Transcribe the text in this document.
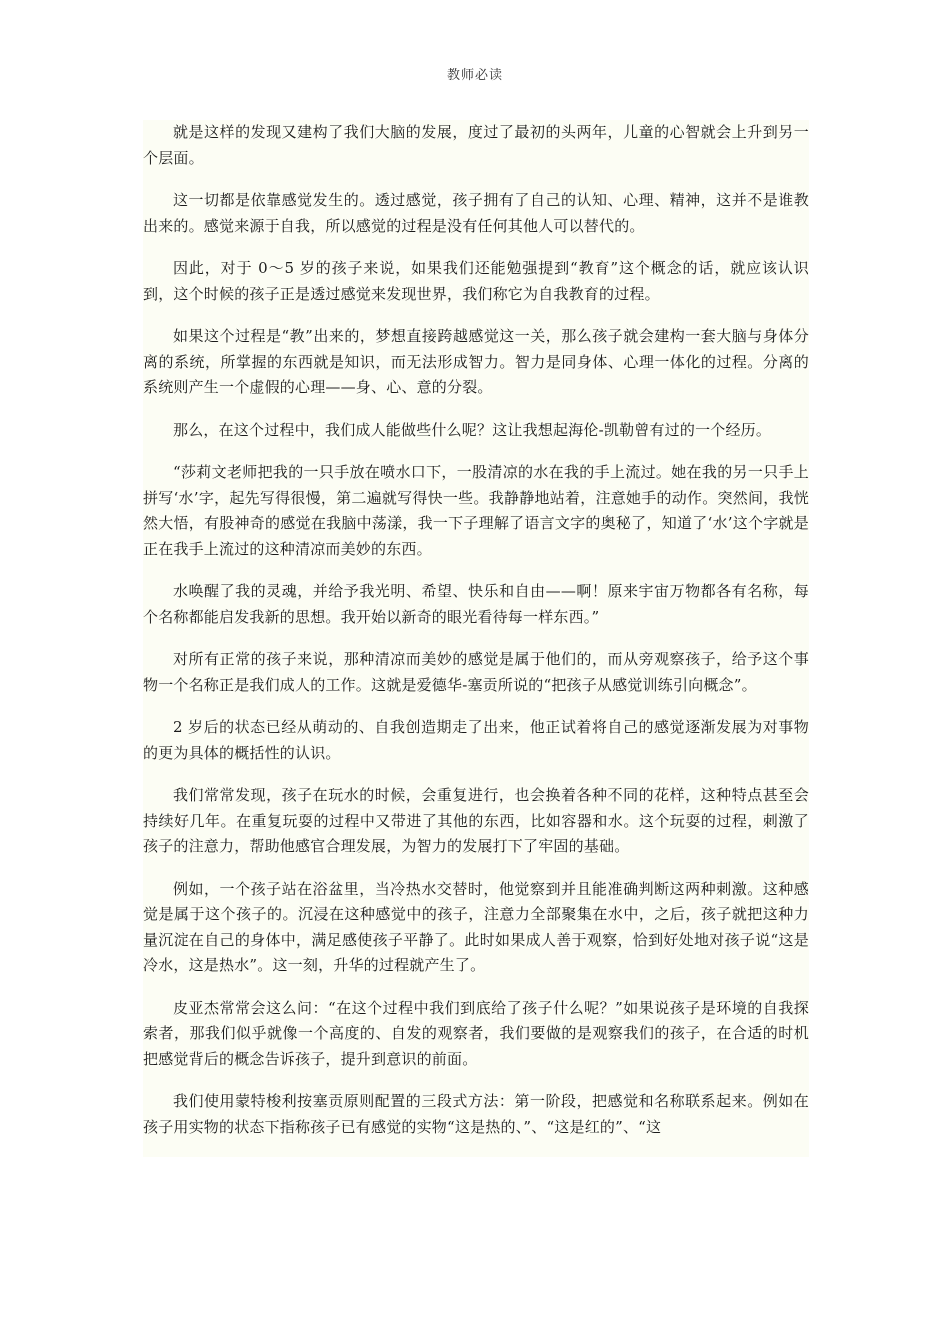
教师必读

就是这样的发现又建构了我们大脑的发展，度过了最初的头两年，儿童的心智就会上升到另一个层面。

这一切都是依靠感觉发生的。透过感觉，孩子拥有了自己的认知、心理、精神，这并不是谁教出来的。感觉来源于自我，所以感觉的过程是没有任何其他人可以替代的。

因此，对于 0～5 岁的孩子来说，如果我们还能勉强提到“教育”这个概念的话，就应该认识到，这个时候的孩子正是透过感觉来发现世界，我们称它为自我教育的过程。

如果这个过程是“教”出来的，梦想直接跨越感觉这一关，那么孩子就会建构一套大脑与身体分离的系统，所掌握的东西就是知识，而无法形成智力。智力是同身体、心理一体化的过程。分离的系统则产生一个虚假的心理——身、心、意的分裂。

那么，在这个过程中，我们成人能做些什么呢？这让我想起海伦-凯勒曾有过的一个经历。

“莎莉文老师把我的一只手放在喷水口下，一股清凉的水在我的手上流过。她在我的另一只手上拼写‘水’字，起先写得很慢，第二遍就写得快一些。我静静地站着，注意她手的动作。突然间，我恍然大悟，有股神奇的感觉在我脑中荡漾，我一下子理解了语言文字的奥秘了，知道了‘水’这个字就是正在我手上流过的这种清凉而美妙的东西。

水唤醒了我的灵魂，并给予我光明、希望、快乐和自由——啊！原来宇宙万物都各有名称，每个名称都能启发我新的思想。我开始以新奇的眼光看待每一样东西。”

对所有正常的孩子来说，那种清凉而美妙的感觉是属于他们的，而从旁观察孩子，给予这个事物一个名称正是我们成人的工作。这就是爱德华-塞贡所说的“把孩子从感觉训练引向概念”。

2 岁后的状态已经从萌动的、自我创造期走了出来，他正试着将自己的感觉逐渐发展为对事物的更为具体的概括性的认识。

我们常常发现，孩子在玩水的时候，会重复进行，也会换着各种不同的花样，这种特点甚至会持续好几年。在重复玩耍的过程中又带进了其他的东西，比如容器和水。这个玩耍的过程，刺激了孩子的注意力，帮助他感官合理发展，为智力的发展打下了牢固的基础。

例如，一个孩子站在浴盆里，当冷热水交替时，他觉察到并且能准确判断这两种刺激。这种感觉是属于这个孩子的。沉浸在这种感觉中的孩子，注意力全部聚集在水中，之后，孩子就把这种力量沉淀在自己的身体中，满足感使孩子平静了。此时如果成人善于观察，恰到好处地对孩子说“这是冷水，这是热水”。这一刻，升华的过程就产生了。

皮亚杰常常会这么问：“在这个过程中我们到底给了孩子什么呢？”如果说孩子是环境的自我探索者，那我们似乎就像一个高度的、自发的观察者，我们要做的是观察我们的孩子，在合适的时机把感觉背后的概念告诉孩子，提升到意识的前面。

我们使用蒙特梭利按塞贡原则配置的三段式方法：第一阶段，把感觉和名称联系起来。例如在孩子用实物的状态下指称孩子已有感觉的实物“这是热的、”、“这是红的”、“这
